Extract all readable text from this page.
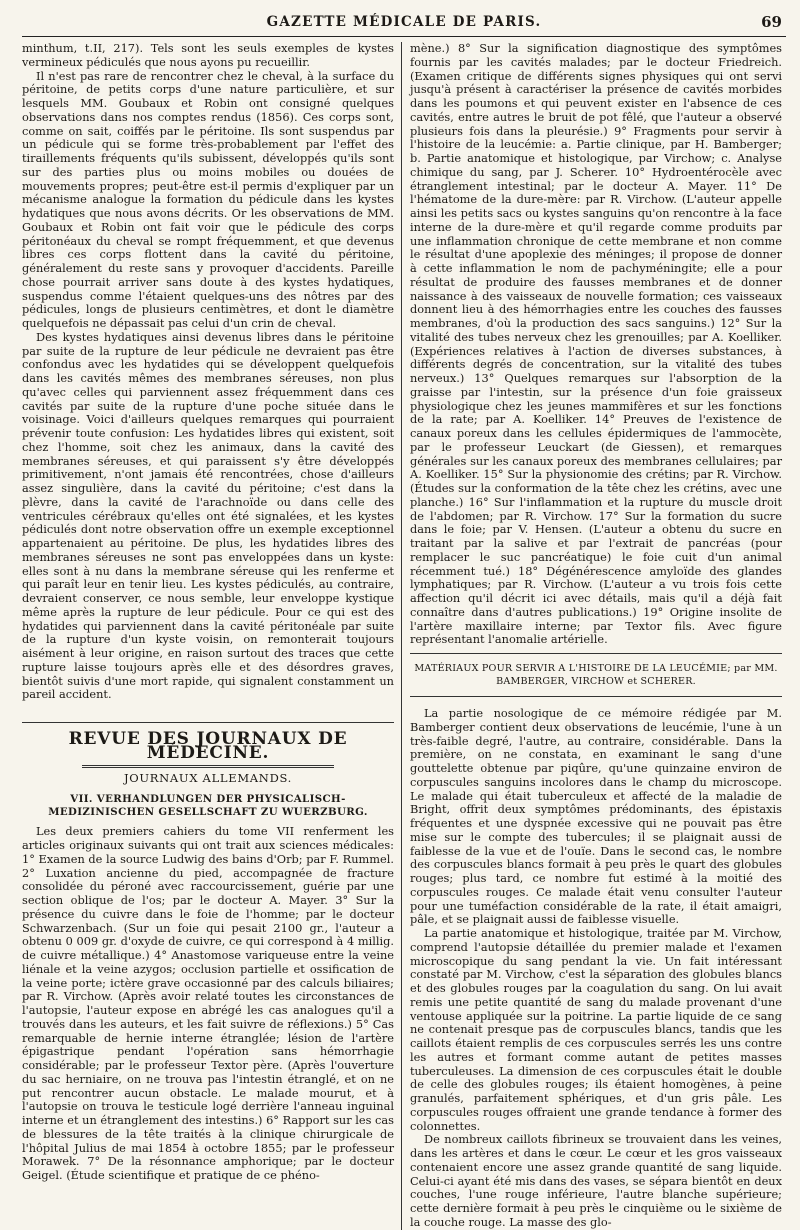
GAZETTE MÉDICALE DE PARIS.	69

minthum, t.II, 217). Tels sont les seuls exemples de kystes vermineux pédiculés que nous ayons pu recueillir.

Il n'est pas rare de rencontrer chez le cheval, à la surface du péritoine, de petits corps d'une nature particulière, et sur lesquels MM. Goubaux et Robin ont consigné quelques observations dans nos comptes rendus (1856). Ces corps sont, comme on sait, coiffés par le péritoine. Ils sont suspendus par un pédicule qui se forme très-probablement par l'effet des tiraillements fréquents qu'ils subissent, développés qu'ils sont sur des parties plus ou moins mobiles ou douées de mouvements propres; peut-être est-il permis d'expliquer par un mécanisme analogue la formation du pédicule dans les kystes hydatiques que nous avons décrits. Or les observations de MM. Goubaux et Robin ont fait voir que le pédicule des corps péritonéaux du cheval se rompt fréquemment, et que devenus libres ces corps flottent dans la cavité du péritoine, généralement du reste sans y provoquer d'accidents. Pareille chose pourrait arriver sans doute à des kystes hydatiques, suspendus comme l'étaient quelques-uns des nôtres par des pédicules, longs de plusieurs centimètres, et dont le diamètre quelquefois ne dépassait pas celui d'un crin de cheval.

Des kystes hydatiques ainsi devenus libres dans le péritoine par suite de la rupture de leur pédicule ne devraient pas être confondus avec les hydatides qui se développent quelquefois dans les cavités mêmes des membranes séreuses, non plus qu'avec celles qui parviennent assez fréquemment dans ces cavités par suite de la rupture d'une poche située dans le voisinage. Voici d'ailleurs quelques remarques qui pourraient prévenir toute confusion: Les hydatides libres qui existent, soit chez l'homme, soit chez les animaux, dans la cavité des membranes séreuses, et qui paraissent s'y être développés primitivement, n'ont jamais été rencontrées, chose d'ailleurs assez singulière, dans la cavité du péritoine; c'est dans la plèvre, dans la cavité de l'arachnoïde ou dans celle des ventricules cérébraux qu'elles ont été signalées, et les kystes pédiculés dont notre observation offre un exemple exceptionnel appartenaient au péritoine. De plus, les hydatides libres des membranes séreuses ne sont pas enveloppées dans un kyste: elles sont à nu dans la membrane séreuse qui les renferme et qui paraît leur en tenir lieu. Les kystes pédiculés, au contraire, devraient conserver, ce nous semble, leur enveloppe kystique même après la rupture de leur pédicule. Pour ce qui est des hydatides qui parviennent dans la cavité péritonéale par suite de la rupture d'un kyste voisin, on remonterait toujours aisément à leur origine, en raison surtout des traces que cette rupture laisse toujours après elle et des désordres graves, bientôt suivis d'une mort rapide, qui signalent constamment un pareil accident.

REVUE DES JOURNAUX DE MÉDECINE.
JOURNAUX ALLEMANDS.
VII. VERHANDLUNGEN DER PHYSICALISCH-MEDIZINISCHEN GESELLSCHAFT ZU WUERZBURG.

Les deux premiers cahiers du tome VII renferment les articles originaux suivants qui ont trait aux sciences médicales: 1° Examen de la source Ludwig des bains d'Orb; par F. Rummel. 2° Luxation ancienne du pied, accompagnée de fracture consolidée du péroné avec raccourcissement, guérie par une section oblique de l'os; par le docteur A. Mayer. 3° Sur la présence du cuivre dans le foie de l'homme; par le docteur Schwarzenbach. (Sur un foie qui pesait 2100 gr., l'auteur a obtenu 0 009 gr. d'oxyde de cuivre, ce qui correspond à 4 millig. de cuivre métallique.) 4° Anastomose variqueuse entre la veine liénale et la veine azygos; occlusion partielle et ossification de la veine porte; ictère grave occasionné par des calculs biliaires; par R. Virchow. (Après avoir relaté toutes les circonstances de l'autopsie, l'auteur expose en abrégé les cas analogues qu'il a trouvés dans les auteurs, et les fait suivre de réflexions.) 5° Cas remarquable de hernie interne étranglée; lésion de l'artère épigastrique pendant l'opération sans hémorrhagie considérable; par le professeur Textor père. (Après l'ouverture du sac herniaire, on ne trouva pas l'intestin étranglé, et on ne put rencontrer aucun obstacle. Le malade mourut, et à l'autopsie on trouva le testicule logé derrière l'anneau inguinal interne et un étranglement des intestins.) 6° Rapport sur les cas de blessures de la tête traités à la clinique chirurgicale de l'hôpital Julius de mai 1854 à octobre 1855; par le professeur Morawek. 7° De la résonnance amphorique; par le docteur Geigel. (Étude scientifique et pratique de ce phéno-

mène.) 8° Sur la signification diagnostique des symptômes fournis par les cavités malades; par le docteur Friedreich. (Examen critique de différents signes physiques qui ont servi jusqu'à présent à caractériser la présence de cavités morbides dans les poumons et qui peuvent exister en l'absence de ces cavités, entre autres le bruit de pot fêlé, que l'auteur a observé plusieurs fois dans la pleurésie.) 9° Fragments pour servir à l'histoire de la leucémie: a. Partie clinique, par H. Bamberger; b. Partie anatomique et histologique, par Virchow; c. Analyse chimique du sang, par J. Scherer. 10° Hydroentérocèle avec étranglement intestinal; par le docteur A. Mayer. 11° De l'hématome de la dure-mère: par R. Virchow. (L'auteur appelle ainsi les petits sacs ou kystes sanguins qu'on rencontre à la face interne de la dure-mère et qu'il regarde comme produits par une inflammation chronique de cette membrane et non comme le résultat d'une apoplexie des méninges; il propose de donner à cette inflammation le nom de pachyméningite; elle a pour résultat de produire des fausses membranes et de donner naissance à des vaisseaux de nouvelle formation; ces vaisseaux donnent lieu à des hémorrhagies entre les couches des fausses membranes, d'où la production des sacs sanguins.) 12° Sur la vitalité des tubes nerveux chez les grenouilles; par A. Koelliker. (Expériences relatives à l'action de diverses substances, à différents degrés de concentration, sur la vitalité des tubes nerveux.) 13° Quelques remarques sur l'absorption de la graisse par l'intestin, sur la présence d'un foie graisseux physiologique chez les jeunes mammifères et sur les fonctions de la rate; par A. Koelliker. 14° Preuves de l'existence de canaux poreux dans les cellules épidermiques de l'ammocète, par le professeur Leuckart (de Giessen), et remarques générales sur les canaux poreux des membranes cellulaires; par A. Koelliker. 15° Sur la physionomie des crétins; par R. Virchow. (Études sur la conformation de la tête chez les crétins, avec une planche.) 16° Sur l'inflammation et la rupture du muscle droit de l'abdomen; par R. Virchow. 17° Sur la formation du sucre dans le foie; par V. Hensen. (L'auteur a obtenu du sucre en traitant par la salive et par l'extrait de pancréas (pour remplacer le suc pancréatique) le foie cuit d'un animal récemment tué.) 18° Dégénérescence amyloïde des glandes lymphatiques; par R. Virchow. (L'auteur a vu trois fois cette affection qu'il décrit ici avec détails, mais qu'il a déjà fait connaître dans d'autres publications.) 19° Origine insolite de l'artère maxillaire interne; par Textor fils. Avec figure représentant l'anomalie artérielle.

MATÉRIAUX POUR SERVIR A L'HISTOIRE DE LA LEUCÉMIE; par MM. BAMBERGER, VIRCHOW et SCHERER.

La partie nosologique de ce mémoire rédigée par M. Bamberger contient deux observations de leucémie, l'une à un très-faible degré, l'autre, au contraire, considérable. Dans la première, on ne constata, en examinant le sang d'une gouttelette obtenue par piqûre, qu'une quinzaine environ de corpuscules sanguins incolores dans le champ du microscope. Le malade qui était tuberculeux et affecté de la maladie de Bright, offrit deux symptômes prédominants, des épistaxis fréquentes et une dyspnée excessive qui ne pouvait pas être mise sur le compte des tubercules; il se plaignait aussi de faiblesse de la vue et de l'ouïe. Dans le second cas, le nombre des corpuscules blancs formait à peu près le quart des globules rouges; plus tard, ce nombre fut estimé à la moitié des corpuscules rouges. Ce malade était venu consulter l'auteur pour une tuméfaction considérable de la rate, il était amaigri, pâle, et se plaignait aussi de faiblesse visuelle.

La partie anatomique et histologique, traitée par M. Virchow, comprend l'autopsie détaillée du premier malade et l'examen microscopique du sang pendant la vie. Un fait intéressant constaté par M. Virchow, c'est la séparation des globules blancs et des globules rouges par la coagulation du sang. On lui avait remis une petite quantité de sang du malade provenant d'une ventouse appliquée sur la poitrine. La partie liquide de ce sang ne contenait presque pas de corpuscules blancs, tandis que les caillots étaient remplis de ces corpuscules serrés les uns contre les autres et formant comme autant de petites masses tuberculeuses. La dimension de ces corpuscules était le double de celle des globules rouges; ils étaient homogènes, à peine granulés, parfaitement sphériques, et d'un gris pâle. Les corpuscules rouges offraient une grande tendance à former des colonnettes.

De nombreux caillots fibrineux se trouvaient dans les veines, dans les artères et dans le cœur. Le cœur et les gros vaisseaux contenaient encore une assez grande quantité de sang liquide. Celui-ci ayant été mis dans des vases, se sépara bientôt en deux couches, l'une rouge inférieure, l'autre blanche supérieure; cette dernière formait à peu près le cinquième ou le sixième de la couche rouge. La masse des glo-
